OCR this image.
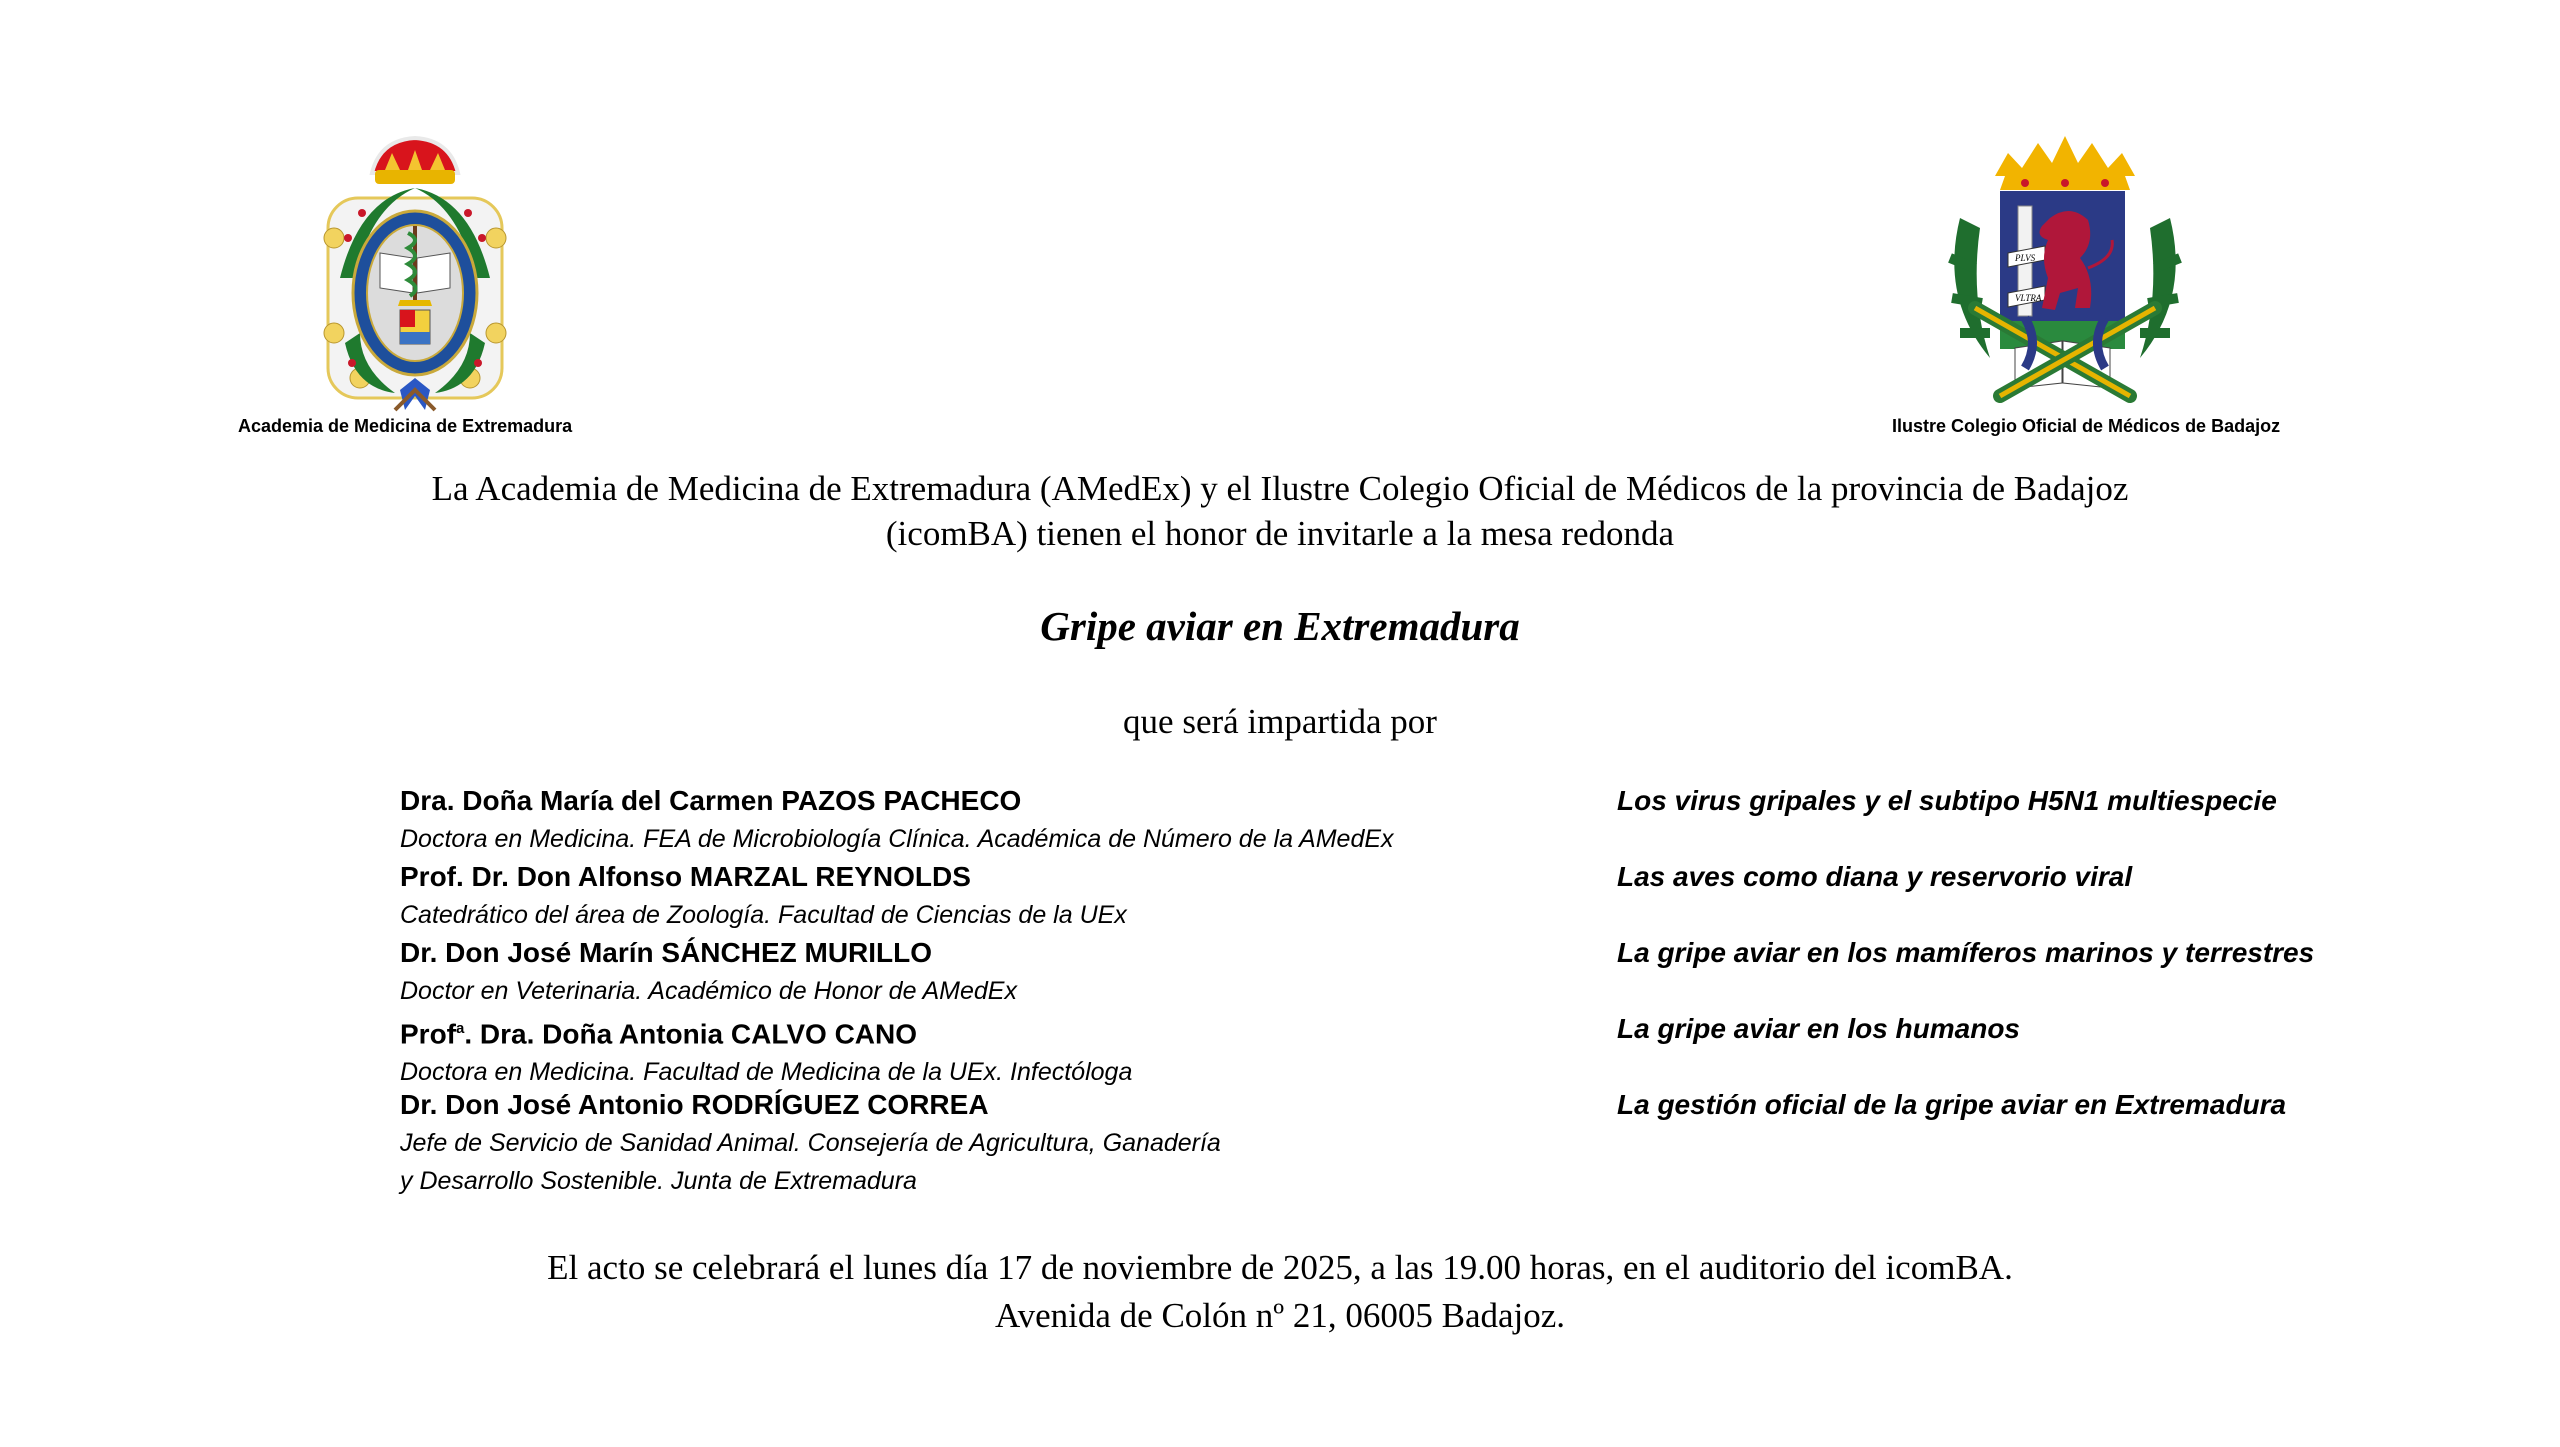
Academia de Medicina de Extremadura
PLVS
VLTRA
Ilustre Colegio Oficial de Médicos de Badajoz
La Academia de Medicina de Extremadura (AMedEx) y el Ilustre Colegio Oficial de Médicos de la provincia de Badajoz
(icomBA) tienen el honor de invitarle a la mesa redonda
Gripe aviar en Extremadura
que será impartida por
Dra. Doña María del Carmen PAZOS PACHECO
Doctora en Medicina. FEA de Microbiología Clínica. Académica de Número de la AMedEx
Los virus gripales y el subtipo H5N1 multiespecie
Prof. Dr. Don Alfonso MARZAL REYNOLDS
Catedrático del área de Zoología. Facultad de Ciencias de la UEx
Las aves como diana y reservorio viral
Dr. Don José Marín SÁNCHEZ MURILLO
Doctor en Veterinaria. Académico de Honor de AMedEx
La gripe aviar en los mamíferos marinos y terrestres
Prof$^a$. Dra. Doña Antonia CALVO CANO
Doctora en Medicina. Facultad de Medicina de la UEx. Infectóloga
La gripe aviar en los humanos
Dr. Don José Antonio RODRÍGUEZ CORREA
Jefe de Servicio de Sanidad Animal. Consejería de Agricultura, Ganadería
y Desarrollo Sostenible. Junta de Extremadura
La gestión oficial de la gripe aviar en Extremadura
El acto se celebrará el lunes día 17 de noviembre de 2025, a las 19.00 horas, en el auditorio del icomBA.
Avenida de Colón nº 21, 06005 Badajoz.
